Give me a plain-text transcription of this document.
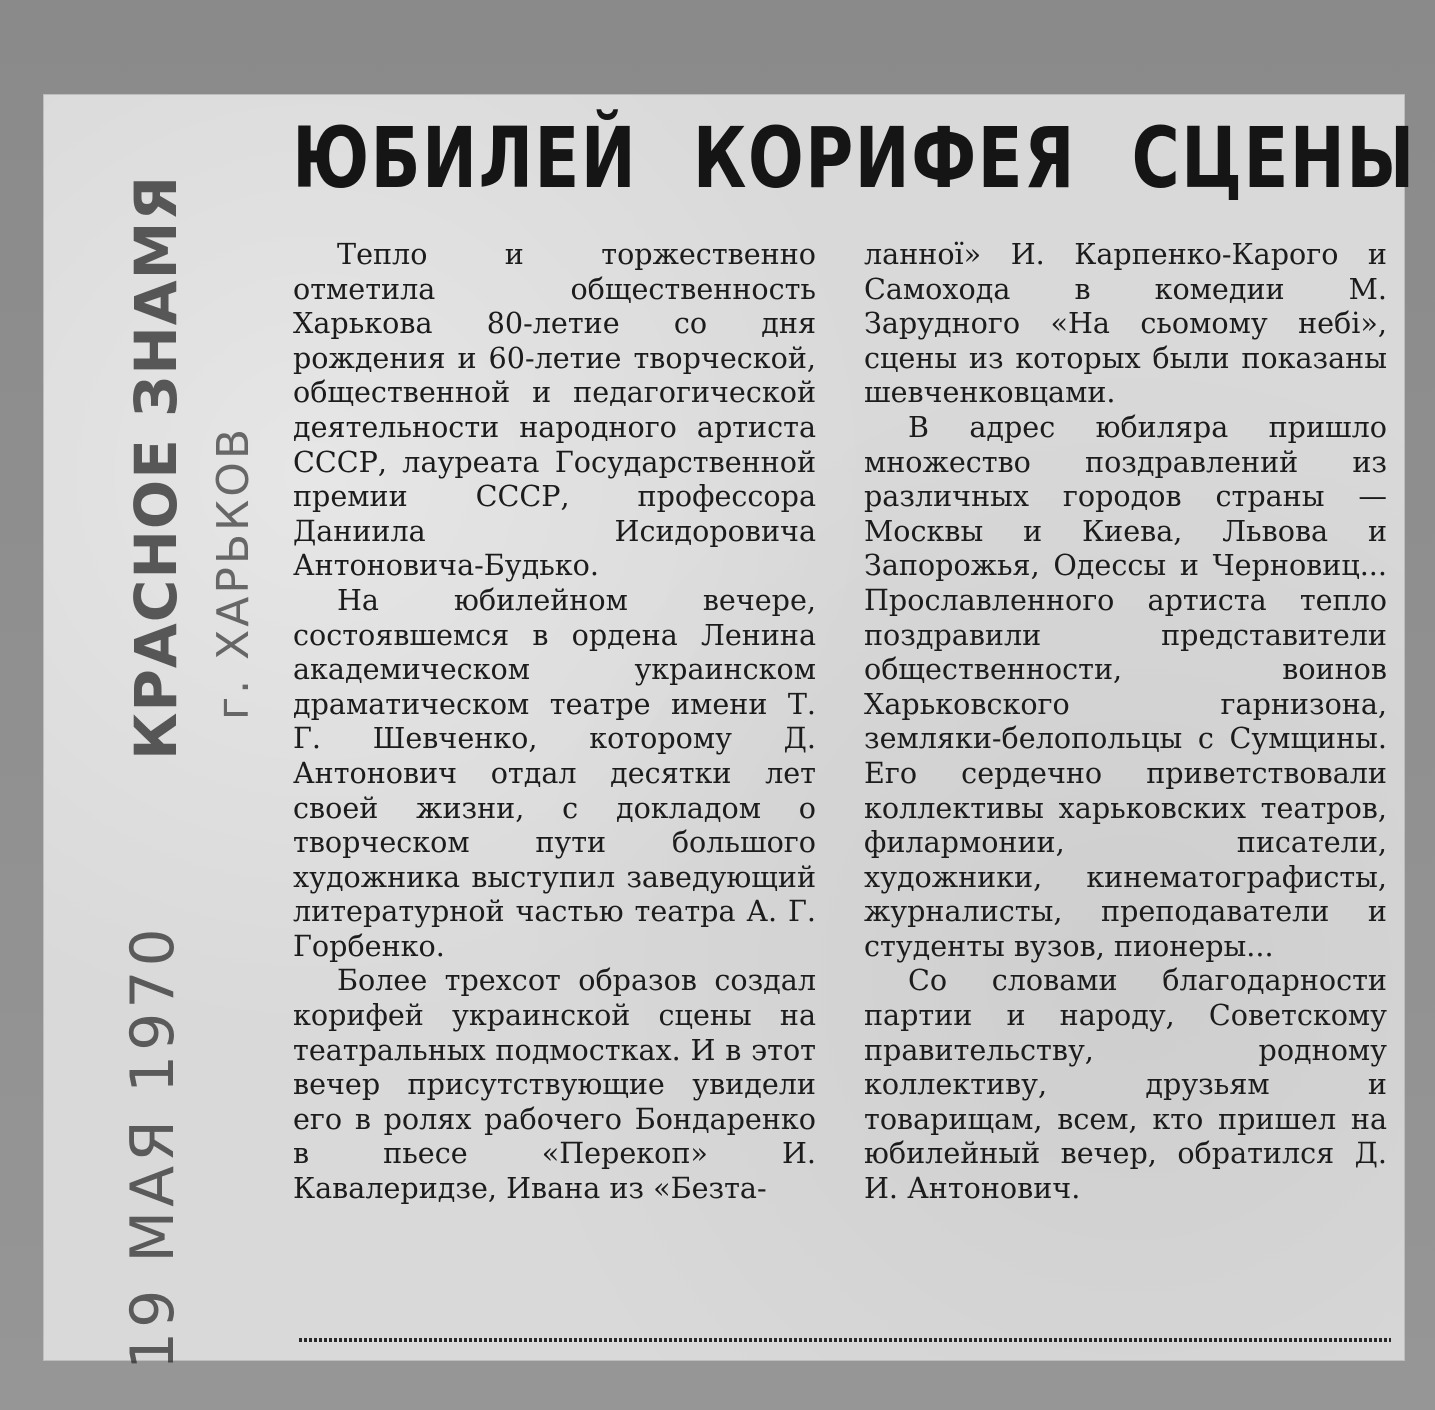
КРАСНОЕ ЗНАМЯ г. ХАРЬКОВ
19 МАЯ 1970
ЮБИЛЕЙ КОРИФЕЯ СЦЕНЫ

Тепло и торжественно отметила общественность Харькова 80-летие со дня рождения и 60-летие творческой, общественной и педагогической деятельности народного артиста СССР, лауреата Государственной премии СССР, профессора Даниила Исидоровича Антоновича-Будько.

На юбилейном вечере, состоявшемся в ордена Ленина академическом украинском драматическом театре имени Т. Г. Шевченко, которому Д. Антонович отдал десятки лет своей жизни, с докладом о творческом пути большого художника выступил заведующий литературной частью театра А. Г. Горбенко.

Более трехсот образов создал корифей украинской сцены на театральных подмостках. И в этот вечер присутствующие увидели его в ролях рабочего Бондаренко в пьесе «Перекоп» И. Кавалеридзе, Ивана из «Безта-

ланної» И. Карпенко-Карого и Самохода в комедии М. Зарудного «На сьомому небі», сцены из которых были показаны шевченковцами.

В адрес юбиляра пришло множество поздравлений из различных городов страны — Москвы и Киева, Львова и Запорожья, Одессы и Черновиц... Прославленного артиста тепло поздравили представители общественности, воинов Харьковского гарнизона, земляки-белопольцы с Сумщины. Его сердечно приветствовали коллективы харьковских театров, филармонии, писатели, художники, кинематографисты, журналисты, преподаватели и студенты вузов, пионеры...

Со словами благодарности партии и народу, Советскому правительству, родному коллективу, друзьям и товарищам, всем, кто пришел на юбилейный вечер, обратился Д. И. Антонович.
